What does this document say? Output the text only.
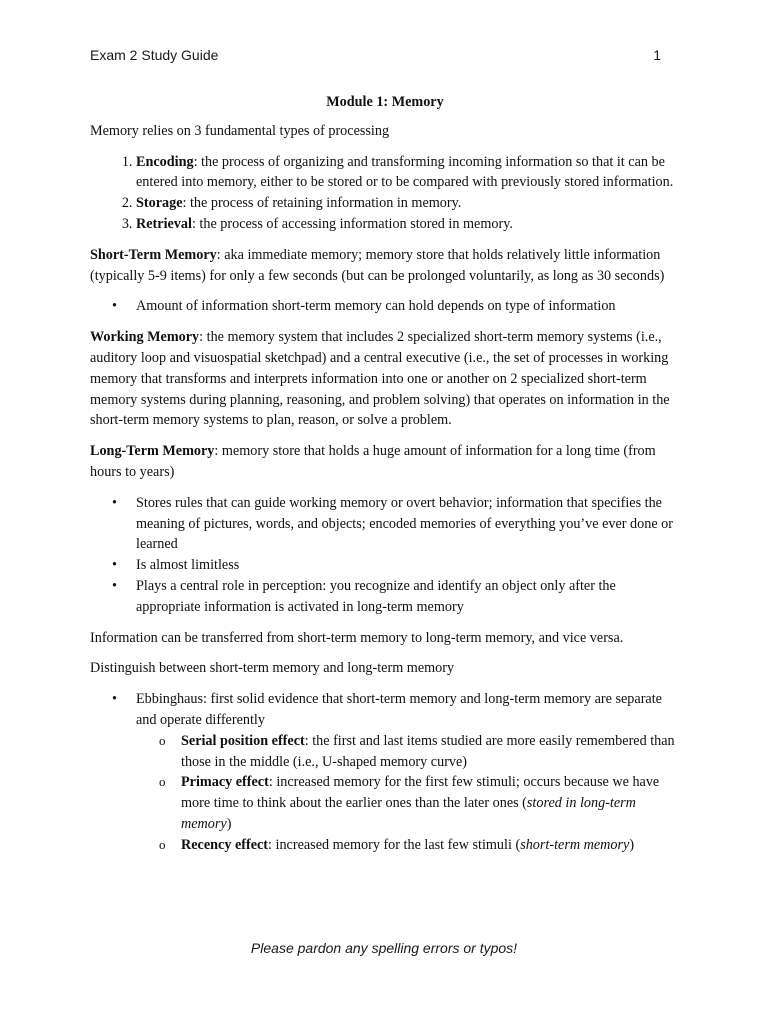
Exam 2 Study Guide	1

Module 1: Memory

Memory relies on 3 fundamental types of processing

1. Encoding: the process of organizing and transforming incoming information so that it can be entered into memory, either to be stored or to be compared with previously stored information.
2. Storage: the process of retaining information in memory.
3. Retrieval: the process of accessing information stored in memory.

Short-Term Memory: aka immediate memory; memory store that holds relatively little information (typically 5-9 items) for only a few seconds (but can be prolonged voluntarily, as long as 30 seconds)

• Amount of information short-term memory can hold depends on type of information

Working Memory: the memory system that includes 2 specialized short-term memory systems (i.e., auditory loop and visuospatial sketchpad) and a central executive (i.e., the set of processes in working memory that transforms and interprets information into one or another on 2 specialized short-term memory systems during planning, reasoning, and problem solving) that operates on information in the short-term memory systems to plan, reason, or solve a problem.

Long-Term Memory: memory store that holds a huge amount of information for a long time (from hours to years)

• Stores rules that can guide working memory or overt behavior; information that specifies the meaning of pictures, words, and objects; encoded memories of everything you’ve ever done or learned
• Is almost limitless
• Plays a central role in perception: you recognize and identify an object only after the appropriate information is activated in long-term memory

Information can be transferred from short-term memory to long-term memory, and vice versa.

Distinguish between short-term memory and long-term memory

• Ebbinghaus: first solid evidence that short-term memory and long-term memory are separate and operate differently
o Serial position effect: the first and last items studied are more easily remembered than those in the middle (i.e., U-shaped memory curve)
o Primacy effect: increased memory for the first few stimuli; occurs because we have more time to think about the earlier ones than the later ones (stored in long-term memory)
o Recency effect: increased memory for the last few stimuli (short-term memory)
Please pardon any spelling errors or typos!
